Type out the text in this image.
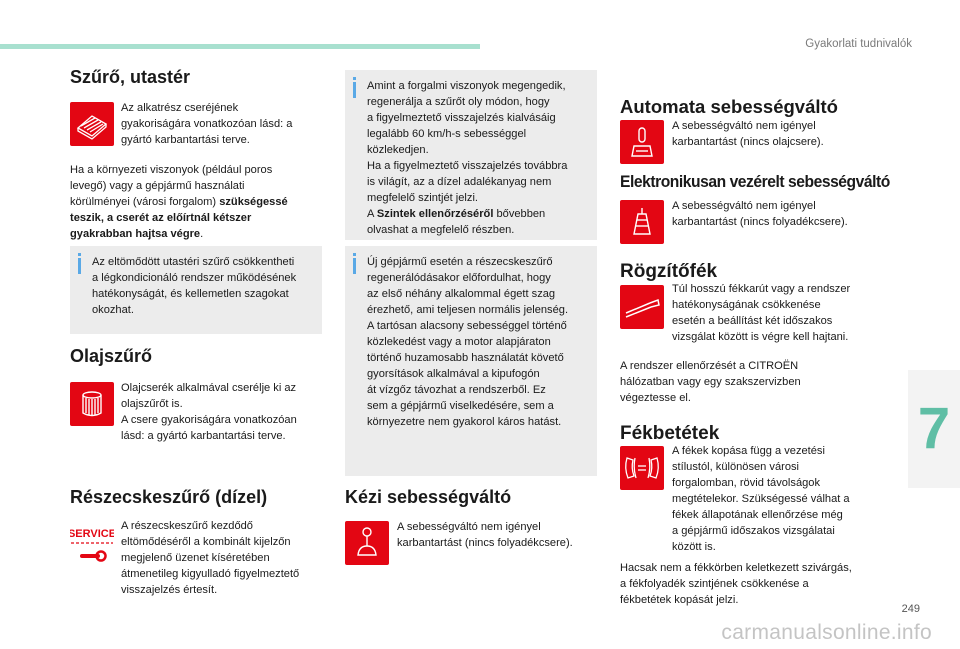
Gyakorlati tudnivalók
7
249
carmanualsonline.info
Szűrő, utastér
Az alkatrész cseréjének
gyakoriságára vonatkozóan lásd: a
gyártó karbantartási terve.
Ha a környezeti viszonyok (például poros
levegő) vagy a gépjármű használati
körülményei (városi forgalom) szükségessé
teszik, a cserét az előírtnál kétszer
gyakrabban hajtsa végre.
Az eltömődött utastéri szűrő csökkentheti
a légkondicionáló rendszer működésének
hatékonyságát, és kellemetlen szagokat
okozhat.
Olajszűrő
Olajcserék alkalmával cserélje ki az
olajszűrőt is.
A csere gyakoriságára vonatkozóan
lásd: a gyártó karbantartási terve.
Részecskeszűrő (dízel)
SERVICE
A részecskeszűrő kezdődő
eltömődéséről a kombinált kijelzőn
megjelenő üzenet kíséretében
átmenetileg kigyulladó figyelmeztető
visszajelzés értesít.
Amint a forgalmi viszonyok megengedik,
regenerálja a szűrőt oly módon, hogy
a figyelmeztető visszajelzés kialvásáig
legalább 60 km/h-s sebességgel
közlekedjen.
Ha a figyelmeztető visszajelzés továbbra
is világít, az a dízel adalékanyag nem
megfelelő szintjét jelzi.
A Szintek ellenőrzéséről bővebben
olvashat a megfelelő részben.
Új gépjármű esetén a részecskeszűrő
regenerálódásakor előfordulhat, hogy
az első néhány alkalommal égett szag
érezhető, ami teljesen normális jelenség.
A tartósan alacsony sebességgel történő
közlekedést vagy a motor alapjáraton
történő huzamosabb használatát követő
gyorsítások alkalmával a kipufogón
át vízgőz távozhat a rendszerből. Ez
sem a gépjármű viselkedésére, sem a
környezetre nem gyakorol káros hatást.
Kézi sebességváltó
A sebességváltó nem igényel
karbantartást (nincs folyadékcsere).
Automata sebességváltó
A sebességváltó nem igényel
karbantartást (nincs olajcsere).
Elektronikusan vezérelt sebességváltó
A sebességváltó nem igényel
karbantartást (nincs folyadékcsere).
Rögzítőfék
Túl hosszú fékkarút vagy a rendszer
hatékonyságának csökkenése
esetén a beállítást két időszakos
vizsgálat között is végre kell hajtani.
A rendszer ellenőrzését a CITROËN
hálózatban vagy egy szakszervizben
végeztesse el.
Fékbetétek
A fékek kopása függ a vezetési
stílustól, különösen városi
forgalomban, rövid távolságok
megtételekor. Szükségessé válhat a
fékek állapotának ellenőrzése még
a gépjármű időszakos vizsgálatai
között is.
Hacsak nem a fékkörben keletkezett szivárgás,
a fékfolyadék szintjének csökkenése a
fékbetétek kopását jelzi.
